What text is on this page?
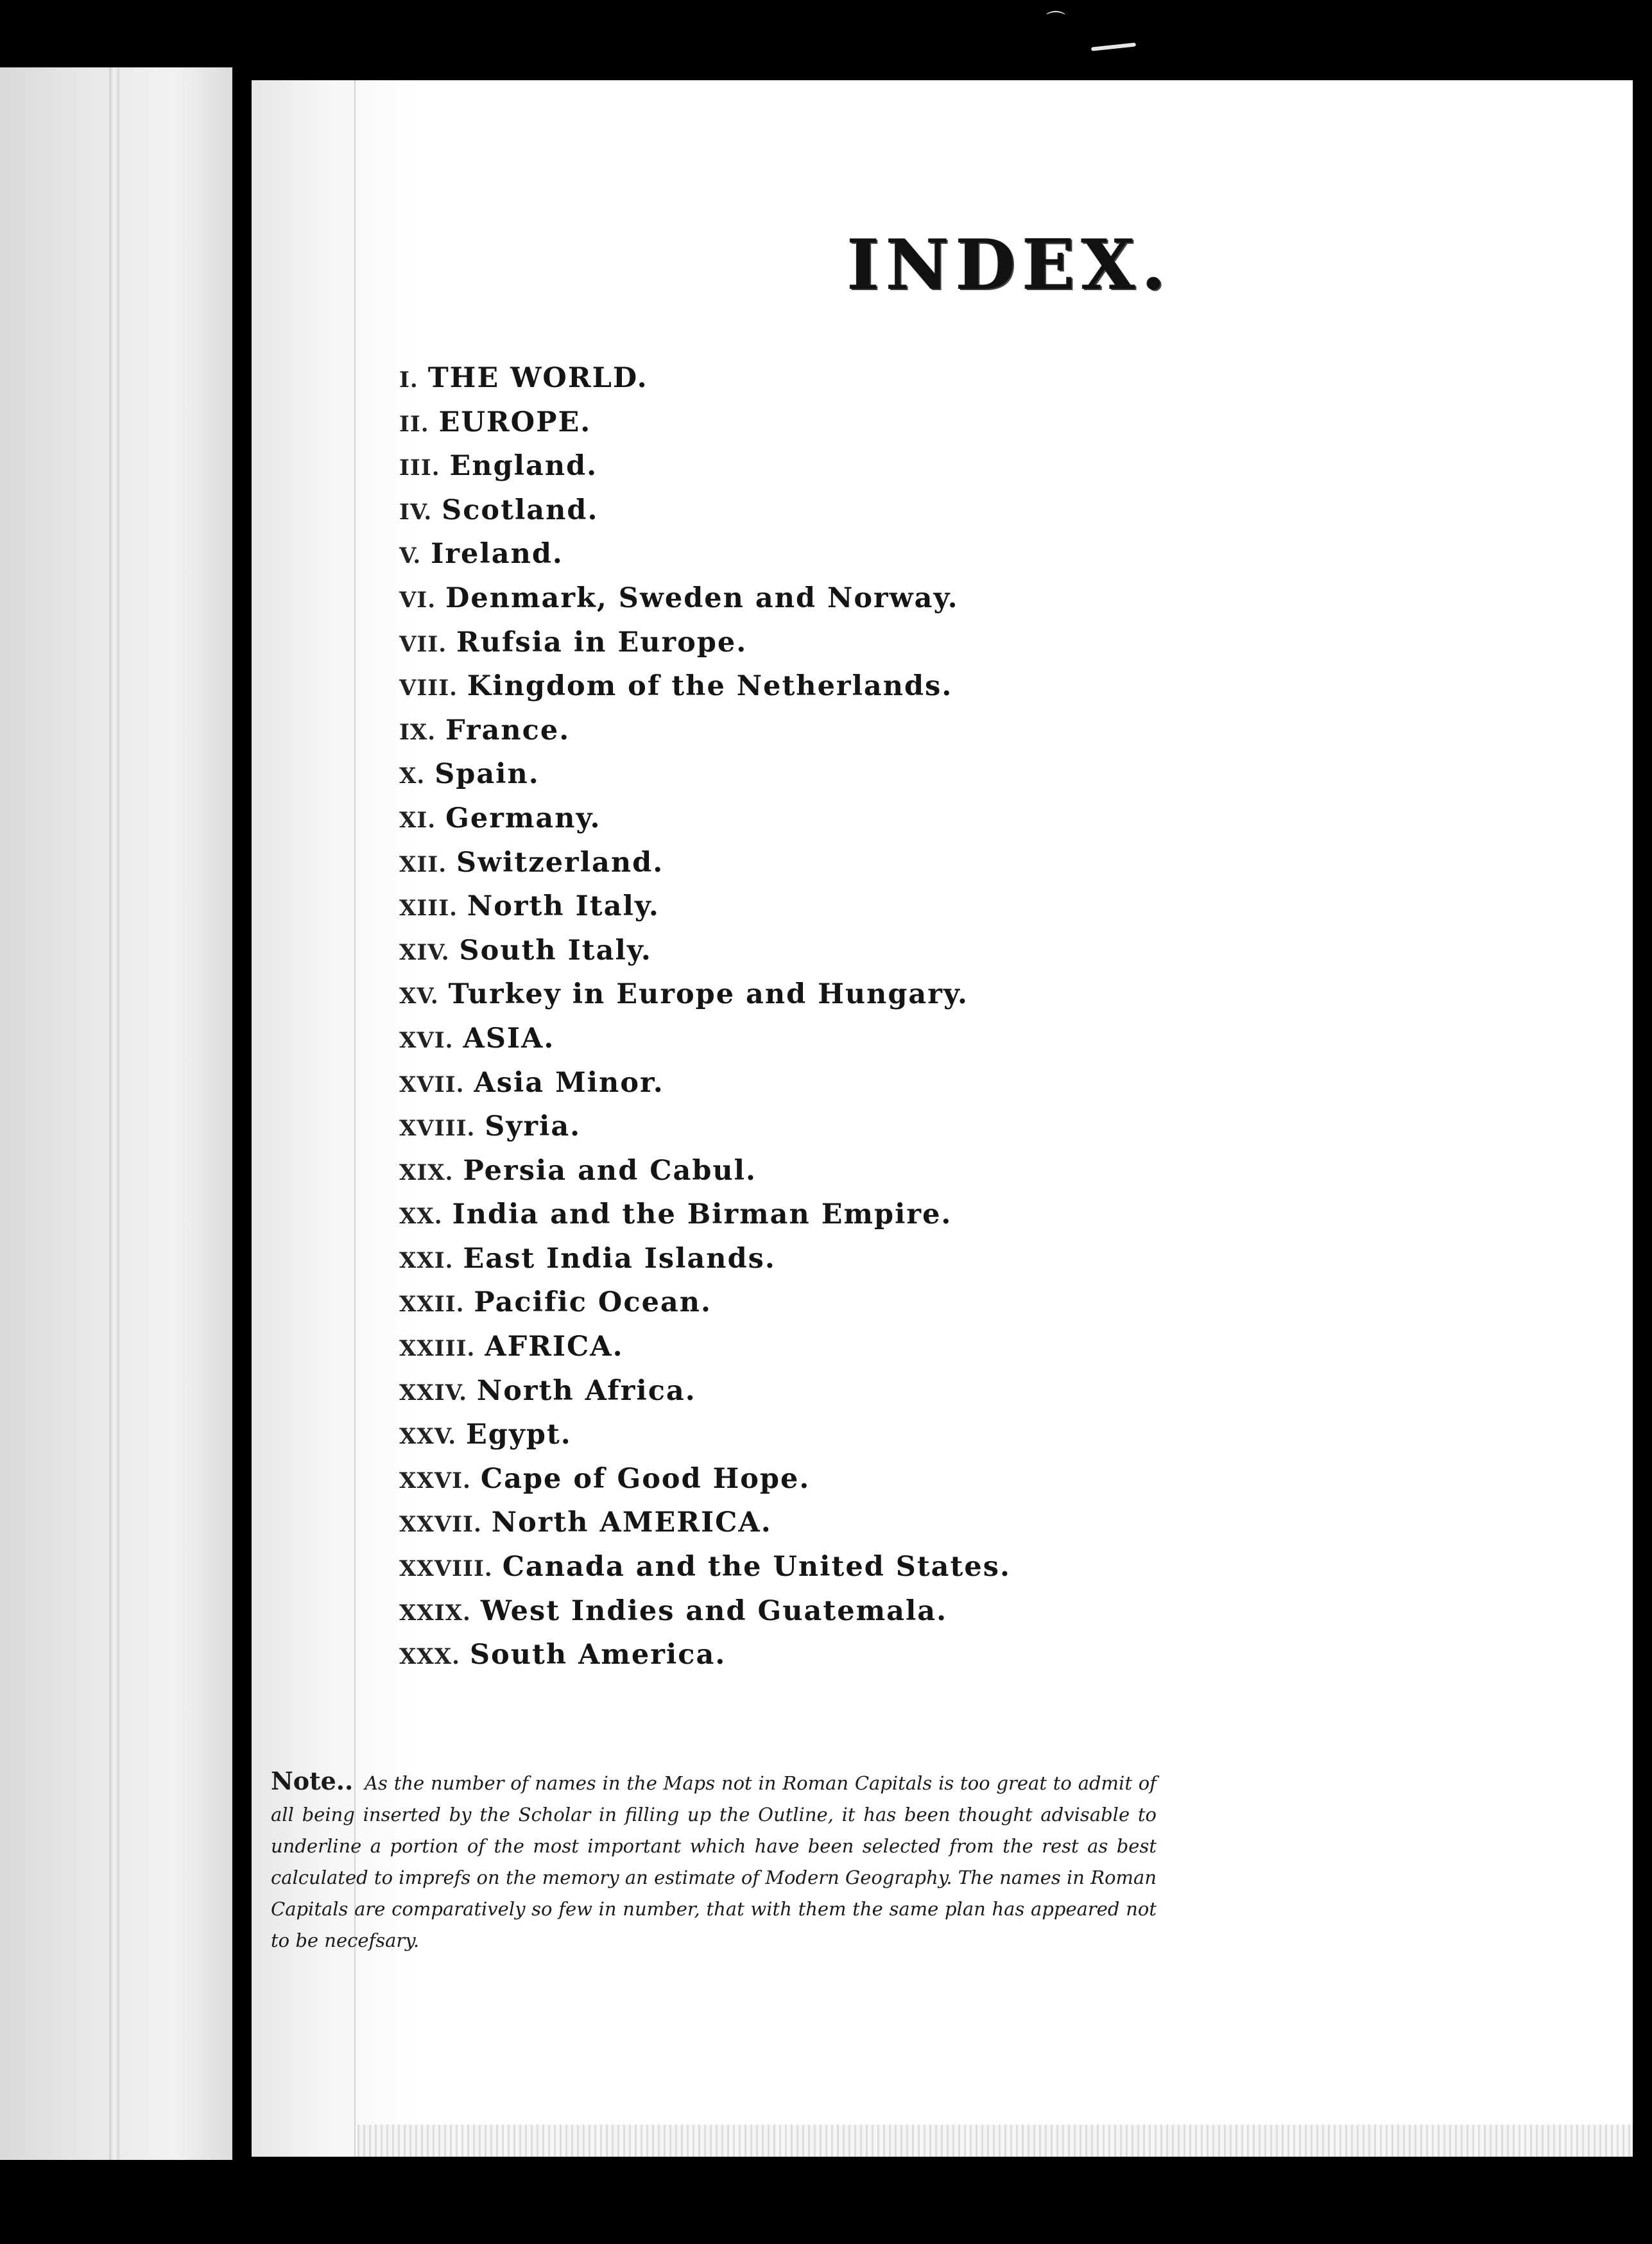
⌒
INDEX.
I. THE WORLD.
II. EUROPE.
III. England.
IV. Scotland.
V. Ireland.
VI. Denmark, Sweden and Norway.
VII. Rufsia in Europe.
VIII. Kingdom of the Netherlands.
IX. France.
X. Spain.
XI. Germany.
XII. Switzerland.
XIII. North Italy.
XIV. South Italy.
XV. Turkey in Europe and Hungary.
XVI. ASIA.
XVII. Asia Minor.
XVIII. Syria.
XIX. Persia and Cabul.
XX. India and the Birman Empire.
XXI. East India Islands.
XXII. Pacific Ocean.
XXIII. AFRICA.
XXIV. North Africa.
XXV. Egypt.
XXVI. Cape of Good Hope.
XXVII. North AMERICA.
XXVIII. Canada and the United States.
XXIX. West Indies and Guatemala.
XXX. South America.
Note.. As the number of names in the Maps not in Roman Capitals is too great to admit of all being inserted by the Scholar in filling up the Outline, it has been thought advisable to underline a portion of the most important which have been selected from the rest as best calculated to imprefs on the memory an estimate of Modern Geography. The names in Roman Capitals are comparatively so few in number, that with them the same plan has appeared not to be necefsary.
